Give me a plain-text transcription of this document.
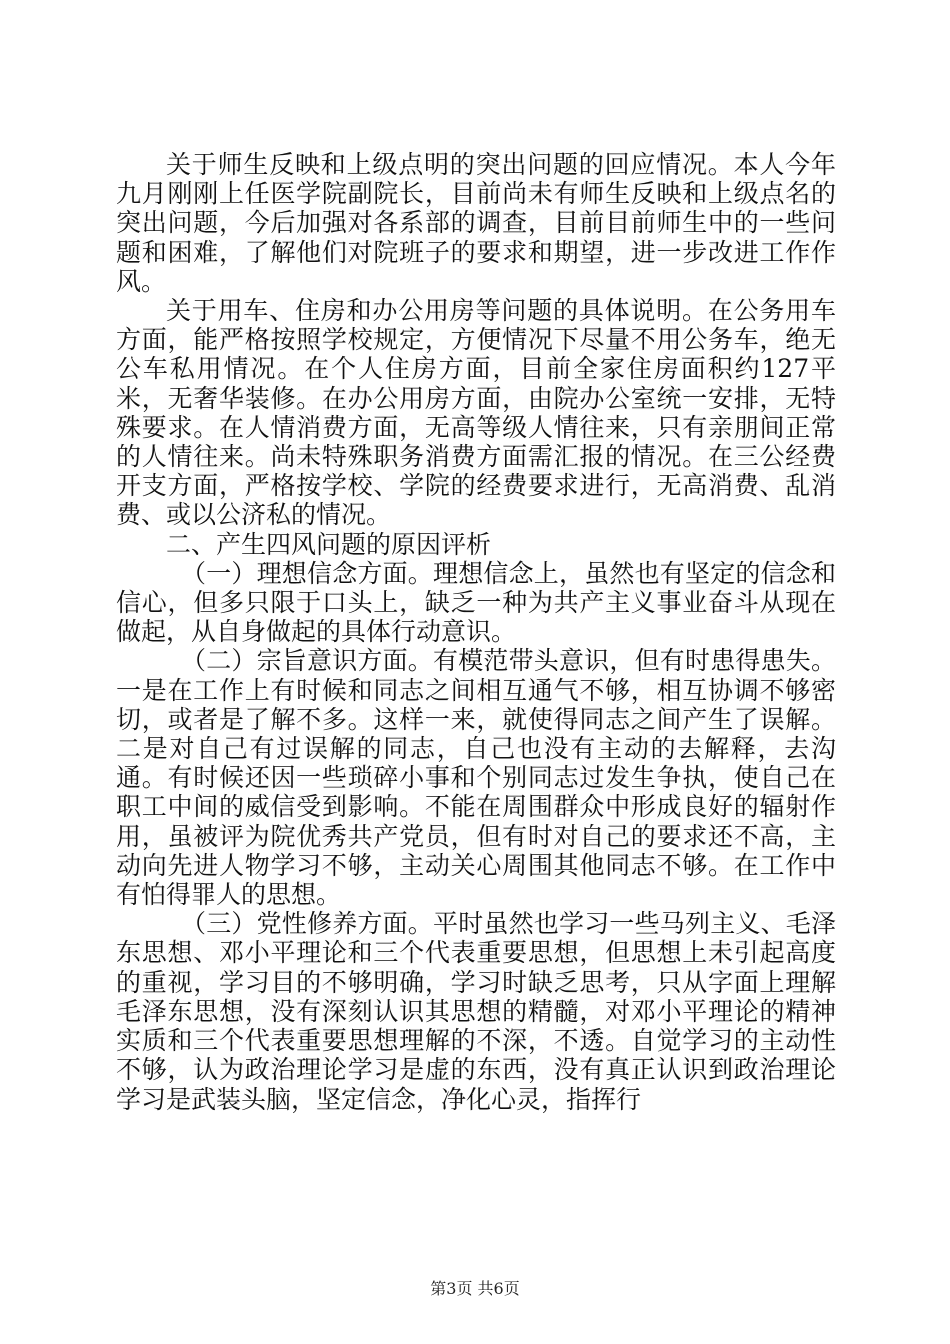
关于师生反映和上级点明的突出问题的回应情况。本人今年九月刚刚上任医学院副院长，目前尚未有师生反映和上级点名的突出问题，今后加强对各系部的调查，目前目前师生中的一些问题和困难，了解他们对院班子的要求和期望，进一步改进工作作风。

关于用车、住房和办公用房等问题的具体说明。在公务用车方面，能严格按照学校规定，方便情况下尽量不用公务车，绝无公车私用情况。在个人住房方面，目前全家住房面积约127平米，无奢华装修。在办公用房方面，由院办公室统一安排，无特殊要求。在人情消费方面，无高等级人情往来，只有亲朋间正常的人情往来。尚未特殊职务消费方面需汇报的情况。在三公经费开支方面，严格按学校、学院的经费要求进行，无高消费、乱消费、或以公济私的情况。

二、产生四风问题的原因评析

（一）理想信念方面。理想信念上，虽然也有坚定的信念和信心，但多只限于口头上，缺乏一种为共产主义事业奋斗从现在做起，从自身做起的具体行动意识。

（二）宗旨意识方面。有模范带头意识，但有时患得患失。一是在工作上有时候和同志之间相互通气不够，相互协调不够密切，或者是了解不多。这样一来，就使得同志之间产生了误解。二是对自己有过误解的同志，自己也没有主动的去解释，去沟通。有时候还因一些琐碎小事和个别同志过发生争执，使自己在职工中间的威信受到影响。不能在周围群众中形成良好的辐射作用，虽被评为院优秀共产党员，但有时对自己的要求还不高，主动向先进人物学习不够，主动关心周围其他同志不够。在工作中有怕得罪人的思想。

（三）党性修养方面。平时虽然也学习一些马列主义、毛泽东思想、邓小平理论和三个代表重要思想，但思想上未引起高度的重视，学习目的不够明确，学习时缺乏思考，只从字面上理解毛泽东思想，没有深刻认识其思想的精髓，对邓小平理论的精神实质和三个代表重要思想理解的不深，不透。自觉学习的主动性不够，认为政治理论学习是虚的东西，没有真正认识到政治理论学习是武装头脑，坚定信念，净化心灵，指挥行

第3页 共6页
